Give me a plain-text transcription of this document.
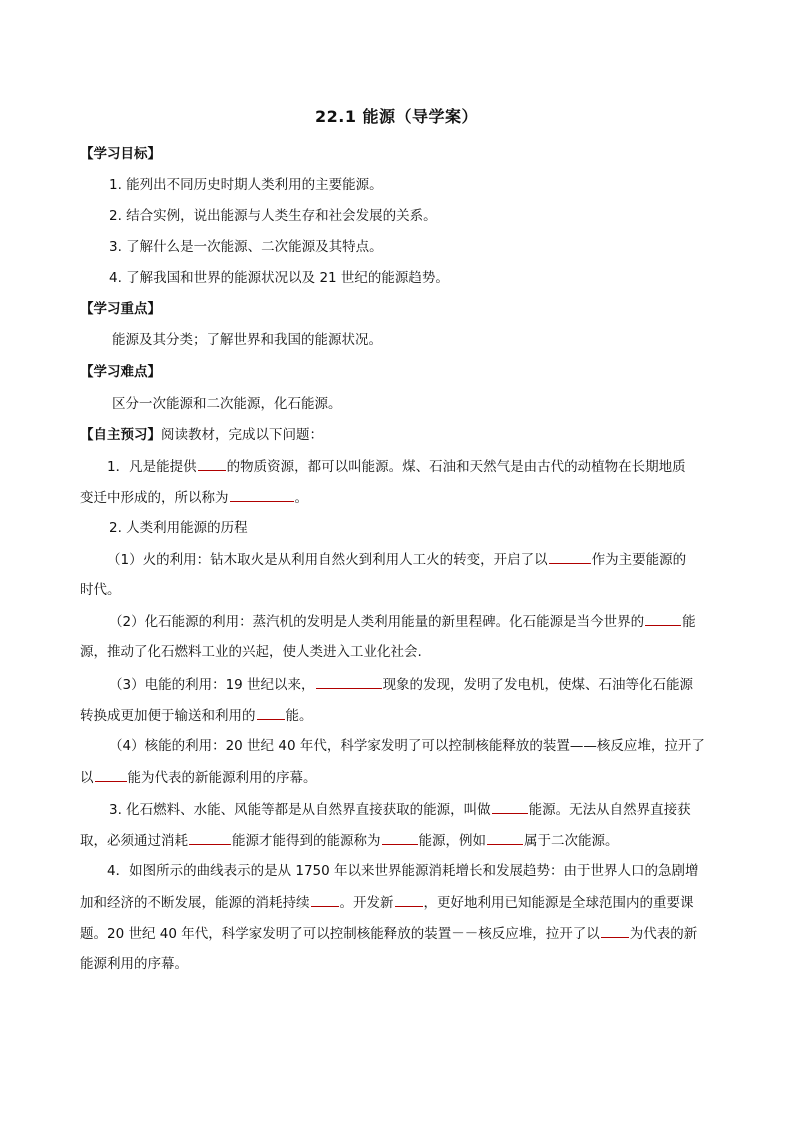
22.1 能源（导学案）
【学习目标】
1. 能列出不同历史时期人类利用的主要能源。
2. 结合实例，说出能源与人类生存和社会发展的关系。
3. 了解什么是一次能源、二次能源及其特点。
4. 了解我国和世界的能源状况以及 21 世纪的能源趋势。
【学习重点】
能源及其分类；了解世界和我国的能源状况。
【学习难点】
区分一次能源和二次能源，化石能源。
【自主预习】阅读教材，完成以下问题：
1．凡是能提供 的物质资源，都可以叫能源。煤、石油和天然气是由古代的动植物在长期地质
变迁中形成的，所以称为	。
2. 人类利用能源的历程
（1）火的利用：钻木取火是从利用自然火到利用人工火的转变，开启了以	作为主要能源的
时代。
（2）化石能源的利用：蒸汽机的发明是人类利用能量的新里程碑。化石能源是当今世界的	能
源，推动了化石燃料工业的兴起，使人类进入工业化社会.
（3）电能的利用：19 世纪以来，	现象的发现，发明了发电机，使煤、石油等化石能源
转换成更加便于输送和利用的 能。
（4）核能的利用：20 世纪 40 年代，科学家发明了可以控制核能释放的装置——核反应堆，拉开了
以	能为代表的新能源利用的序幕。
3. 化石燃料、水能、风能等都是从自然界直接获取的能源，叫做	能源。无法从自然界直接获
取，必须通过消耗	能源才能得到的能源称为	能源，例如	属于二次能源。
4．如图所示的曲线表示的是从 1750 年以来世界能源消耗增长和发展趋势：由于世界人口的急剧增
加和经济的不断发展，能源的消耗持续 。开发新 ，更好地利用已知能源是全球范围内的重要课
题。20 世纪 40 年代，科学家发明了可以控制核能释放的装置－－核反应堆，拉开了以 为代表的新
能源利用的序幕。
